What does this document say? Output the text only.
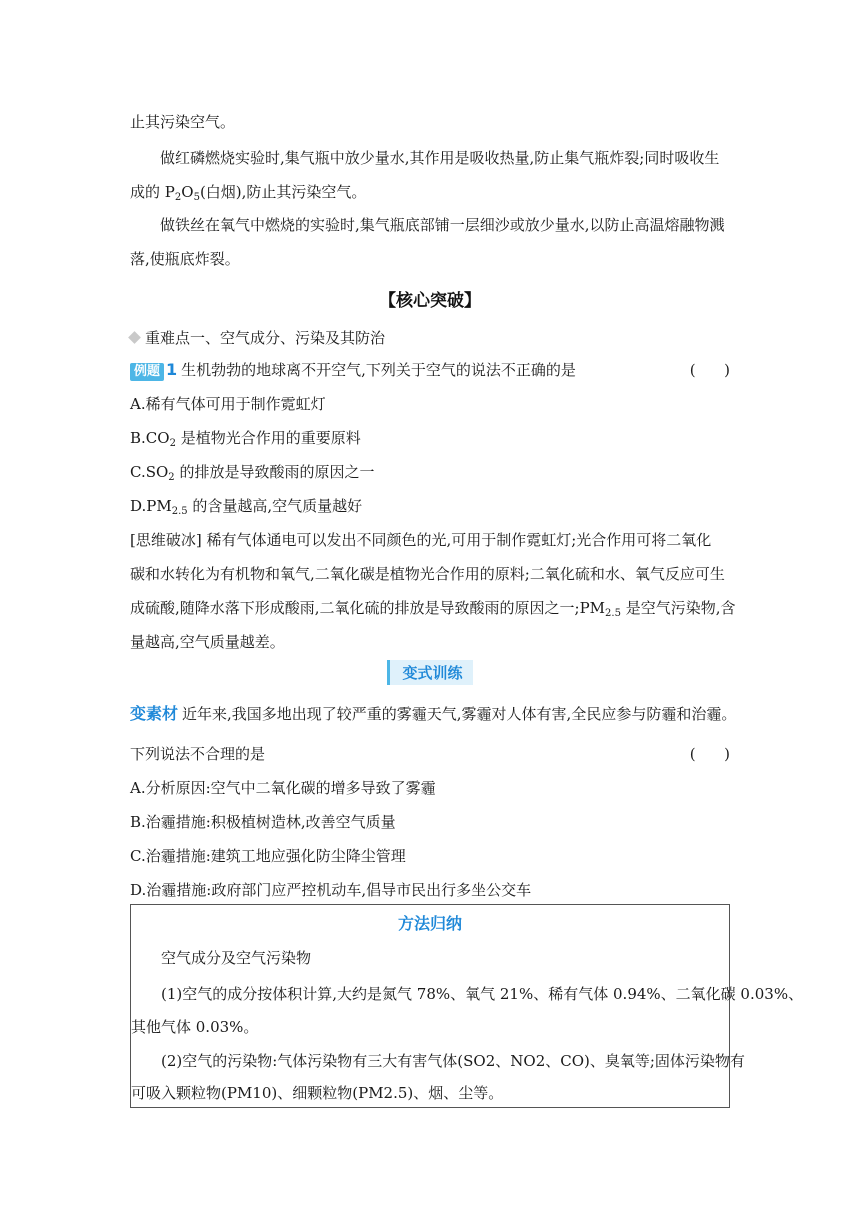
止其污染空气。
做红磷燃烧实验时,集气瓶中放少量水,其作用是吸收热量,防止集气瓶炸裂;同时吸收生
成的 $P_2O_5$(白烟),防止其污染空气。
做铁丝在氧气中燃烧的实验时,集气瓶底部铺一层细沙或放少量水,以防止高温熔融物溅
落,使瓶底炸裂。
【核心突破】
重难点一、空气成分、污染及其防治
例题 1 生机勃勃的地球离不开空气,下列关于空气的说法不正确的是	(      )
A.稀有气体可用于制作霓虹灯
$B.CO_2$ 是植物光合作用的重要原料
$C.SO_2$ 的排放是导致酸雨的原因之一
$D.PM_{2.5}$ 的含量越高,空气质量越好
[思维破冰] 稀有气体通电可以发出不同颜色的光,可用于制作霓虹灯;光合作用可将二氧化
碳和水转化为有机物和氧气,二氧化碳是植物光合作用的原料;二氧化硫和水、氧气反应可生
成硫酸,随降水落下形成酸雨,二氧化硫的排放是导致酸雨的原因之一$;PM_{2.5}$ 是空气污染物,含
量越高,空气质量越差。
变式训练
变素材 近年来,我国多地出现了较严重的雾霾天气,雾霾对人体有害,全民应参与防霾和治霾。
下列说法不合理的是	(      )
A.分析原因:空气中二氧化碳的增多导致了雾霾
B.治霾措施:积极植树造林,改善空气质量
C.治霾措施:建筑工地应强化防尘降尘管理
D.治霾措施:政府部门应严控机动车,倡导市民出行多坐公交车
方法归纳
空气成分及空气污染物
(1)空气的成分按体积计算,大约是氮气 78%、氧气 21%、稀有气体 0.94%、二氧化碳 0.03%、
其他气体 0.03%。
(2)空气的污染物:气体污染物有三大有害气体(SO2、NO2、CO)、臭氧等;固体污染物有
可吸入颗粒物(PM10)、细颗粒物(PM2.5)、烟、尘等。
